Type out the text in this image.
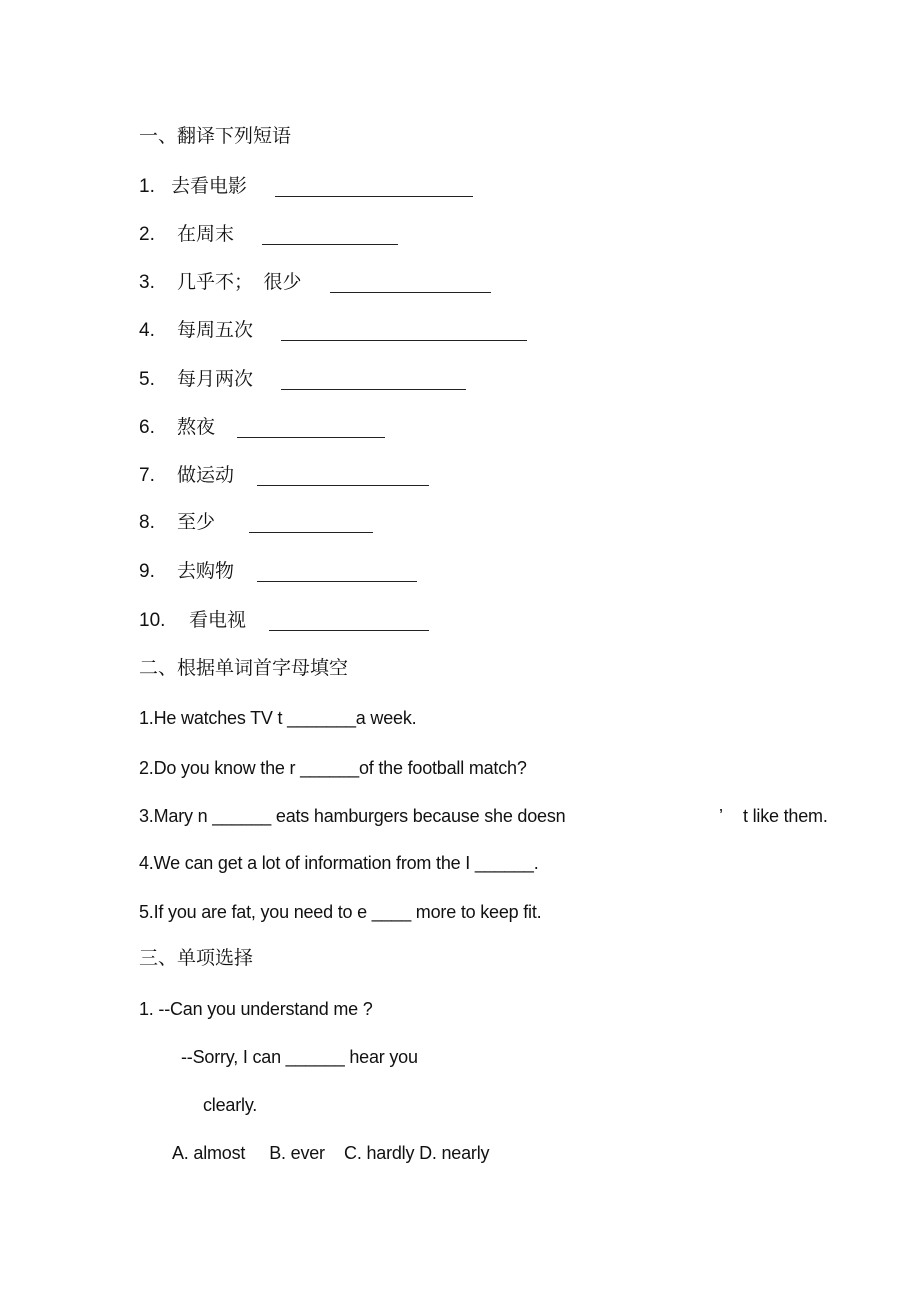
一、翻译下列短语

1.

去看电影

2.

在周末

3.

几乎不；  很少

4.

每周五次

5.

每月两次

6.

熬夜

7.

做运动

8.

至少

9.

去购物

10.

看电视

二、根据单词首字母填空
1.He watches TV t _______a week.
2.Do you know the r ______of the football match?

3.Mary n ______ eats hamburgers because she doesn

	’

t like them.

4.We can get a lot of information from the I ______.
5.If you are fat, you need to e ____ more to keep fit.
三、单项选择
1. --Can you understand me ?
--Sorry, I can ______ hear you
clearly.
A. almost     B. ever    C. hardly D. nearly
